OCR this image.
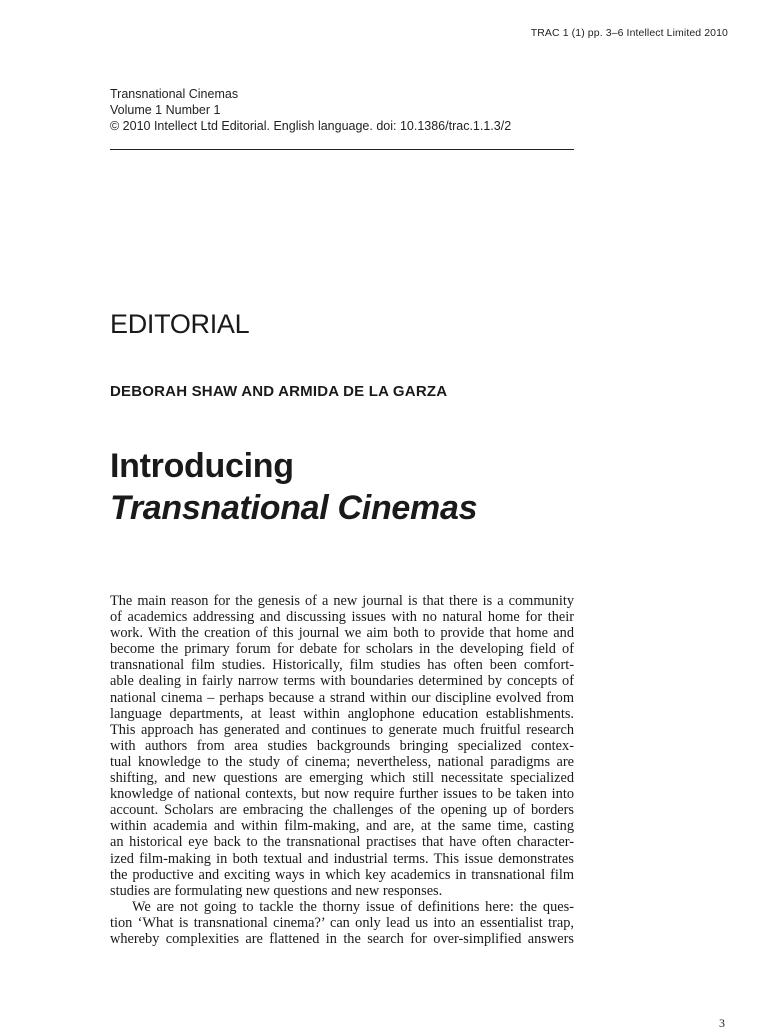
TRAC 1 (1) pp. 3–6 Intellect Limited 2010
Transnational Cinemas
Volume 1 Number 1
© 2010 Intellect Ltd Editorial. English language. doi: 10.1386/trac.1.1.3/2
EDITORIAL
DEBORAH SHAW AND ARMIDA DE LA GARZA
Introducing
Transnational Cinemas
The main reason for the genesis of a new journal is that there is a community
of academics addressing and discussing issues with no natural home for their
work. With the creation of this journal we aim both to provide that home and
become the primary forum for debate for scholars in the developing field of
transnational film studies. Historically, film studies has often been comfort-
able dealing in fairly narrow terms with boundaries determined by concepts of
national cinema – perhaps because a strand within our discipline evolved from
language departments, at least within anglophone education establishments.
This approach has generated and continues to generate much fruitful research
with authors from area studies backgrounds bringing specialized contex-
tual knowledge to the study of cinema; nevertheless, national paradigms are
shifting, and new questions are emerging which still necessitate specialized
knowledge of national contexts, but now require further issues to be taken into
account. Scholars are embracing the challenges of the opening up of borders
within academia and within film-making, and are, at the same time, casting
an historical eye back to the transnational practises that have often character-
ized film-making in both textual and industrial terms. This issue demonstrates
the productive and exciting ways in which key academics in transnational film
studies are formulating new questions and new responses.
We are not going to tackle the thorny issue of definitions here: the ques-
tion ‘What is transnational cinema?’ can only lead us into an essentialist trap,
whereby complexities are flattened in the search for over-simplified answers
3
